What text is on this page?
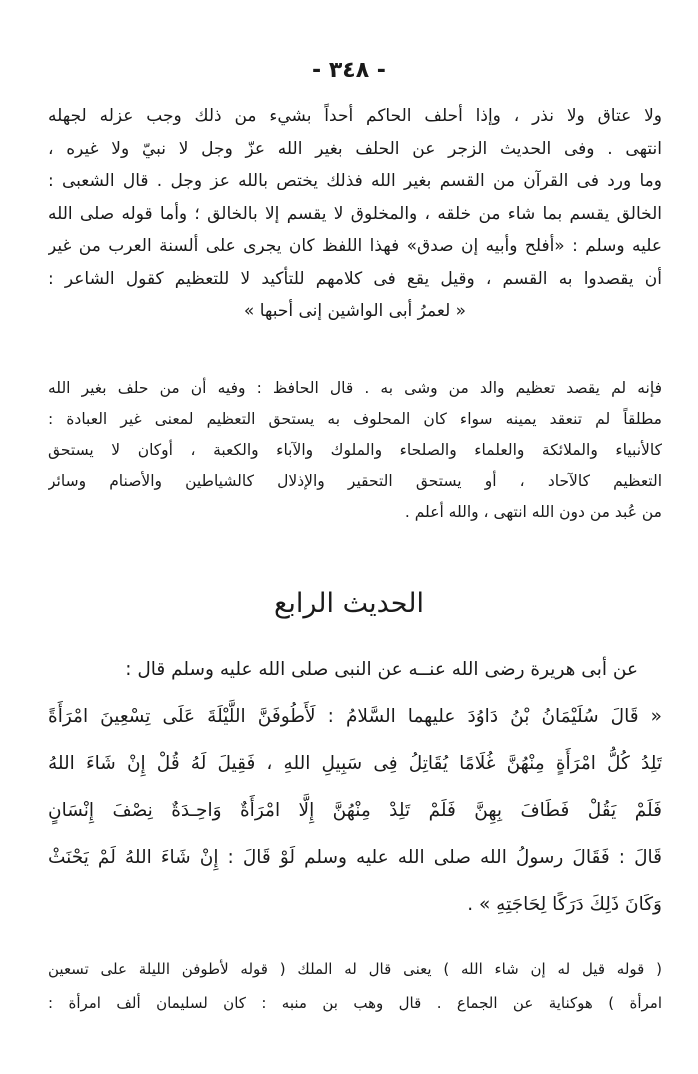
- ٣٤٨ -
ولا عتاق ولا نذر ، وإذا أحلف الحاكم أحداً بشيء من ذلك وجب عزله لجهله
انتهى . وفى الحديث الزجر عن الحلف بغير الله عزّ وجل لا نبيّ ولا غيره ،
وما ورد فى القرآن من القسم بغير الله فذلك يختص بالله عز وجل . قال الشعبى :
الخالق يقسم بما شاء من خلقه ، والمخلوق لا يقسم إلا بالخالق ؛ وأما قوله صلى الله
عليه وسلم : «أفلح وأبيه إن صدق» فهذا اللفظ كان يجرى على ألسنة العرب من غير
أن يقصدوا به القسم ، وقيل يقع فى كلامهم للتأكيد لا للتعظيم كقول الشاعر :
« لعمرُ أبى الواشين إنى أحبها »
فإنه لم يقصد تعظيم والد من وشى به . قال الحافظ : وفيه أن من حلف بغير الله
مطلقاً لم تنعقد يمينه سواء كان المحلوف به يستحق التعظيم لمعنى غير العبادة :
كالأنبياء والملائكة والعلماء والصلحاء والملوك والآباء والكعبة ، أوكان لا يستحق
التعظيم كالآحاد ، أو يستحق التحقير والإذلال كالشياطين والأصنام وسائر
من عُبد من دون الله انتهى ، والله أعلم .
الحديث الرابع
عن أبى هريرة رضى الله عنــه عن النبى صلى الله عليه وسلم قال :
« قَالَ سُلَيْمَانُ بْنُ دَاوُدَ عليهما السَّلامُ : لَأَطُوفَنَّ اللَّيْلَةَ عَلَى تِسْعِينَ امْرَأَةً
تَلِدُ كُلُّ امْرَأَةٍ مِنْهُنَّ غُلَامًا يُقَاتِلُ فِى سَبِيلِ اللهِ ، فَقِيلَ لَهُ قُلْ إِنْ شَاءَ اللهُ
فَلَمْ يَقُلْ فَطَافَ بِهِنَّ فَلَمْ تَلِدْ مِنْهُنَّ إِلَّا امْرَأَةٌ وَاحِـدَةٌ نِصْفَ إِنْسَانٍ
قَالَ : فَقَالَ رسولُ الله صلى الله عليه وسلم لَوْ قَالَ : إِنْ شَاءَ اللهُ لَمْ يَحْنَثْ
وَكَانَ ذَلِكَ دَرَكًا لِحَاجَتِهِ » .
( قوله قيل له إن شاء الله ) يعنى قال له الملك ( قوله لأطوفن الليلة على تسعين
امرأة ) هوكناية عن الجماع . قال وهب بن منبه : كان لسليمان ألف امرأة :
